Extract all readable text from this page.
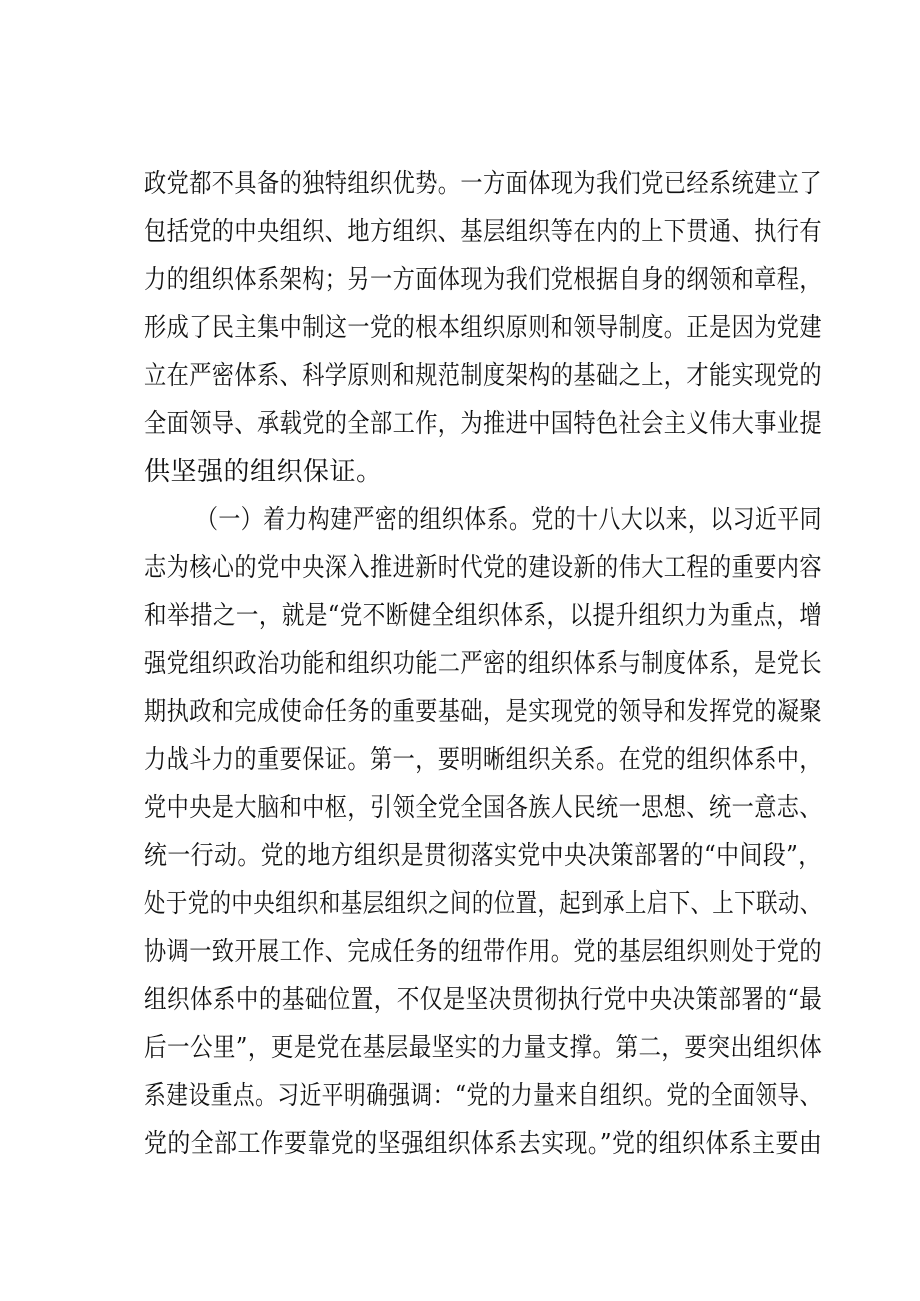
政党都不具备的独特组织优势。一方面体现为我们党已经系统建立了
包括党的中央组织、地方组织、基层组织等在内的上下贯通、执行有
力的组织体系架构；另一方面体现为我们党根据自身的纲领和章程，
形成了民主集中制这一党的根本组织原则和领导制度。正是因为党建
立在严密体系、科学原则和规范制度架构的基础之上，才能实现党的
全面领导、承载党的全部工作，为推进中国特色社会主义伟大事业提
供坚强的组织保证。
（一）着力构建严密的组织体系。党的十八大以来，以习近平同
志为核心的党中央深入推进新时代党的建设新的伟大工程的重要内容
和举措之一，就是“党不断健全组织体系，以提升组织力为重点，增
强党组织政治功能和组织功能二严密的组织体系与制度体系，是党长
期执政和完成使命任务的重要基础，是实现党的领导和发挥党的凝聚
力战斗力的重要保证。第一，要明晰组织关系。在党的组织体系中，
党中央是大脑和中枢，引领全党全国各族人民统一思想、统一意志、
统一行动。党的地方组织是贯彻落实党中央决策部署的“中间段”，
处于党的中央组织和基层组织之间的位置，起到承上启下、上下联动、
协调一致开展工作、完成任务的纽带作用。党的基层组织则处于党的
组织体系中的基础位置，不仅是坚决贯彻执行党中央决策部署的“最
后一公里”，更是党在基层最坚实的力量支撑。第二，要突出组织体
系建设重点。习近平明确强调：“党的力量来自组织。党的全面领导、
党的全部工作要靠党的坚强组织体系去实现。”党的组织体系主要由
